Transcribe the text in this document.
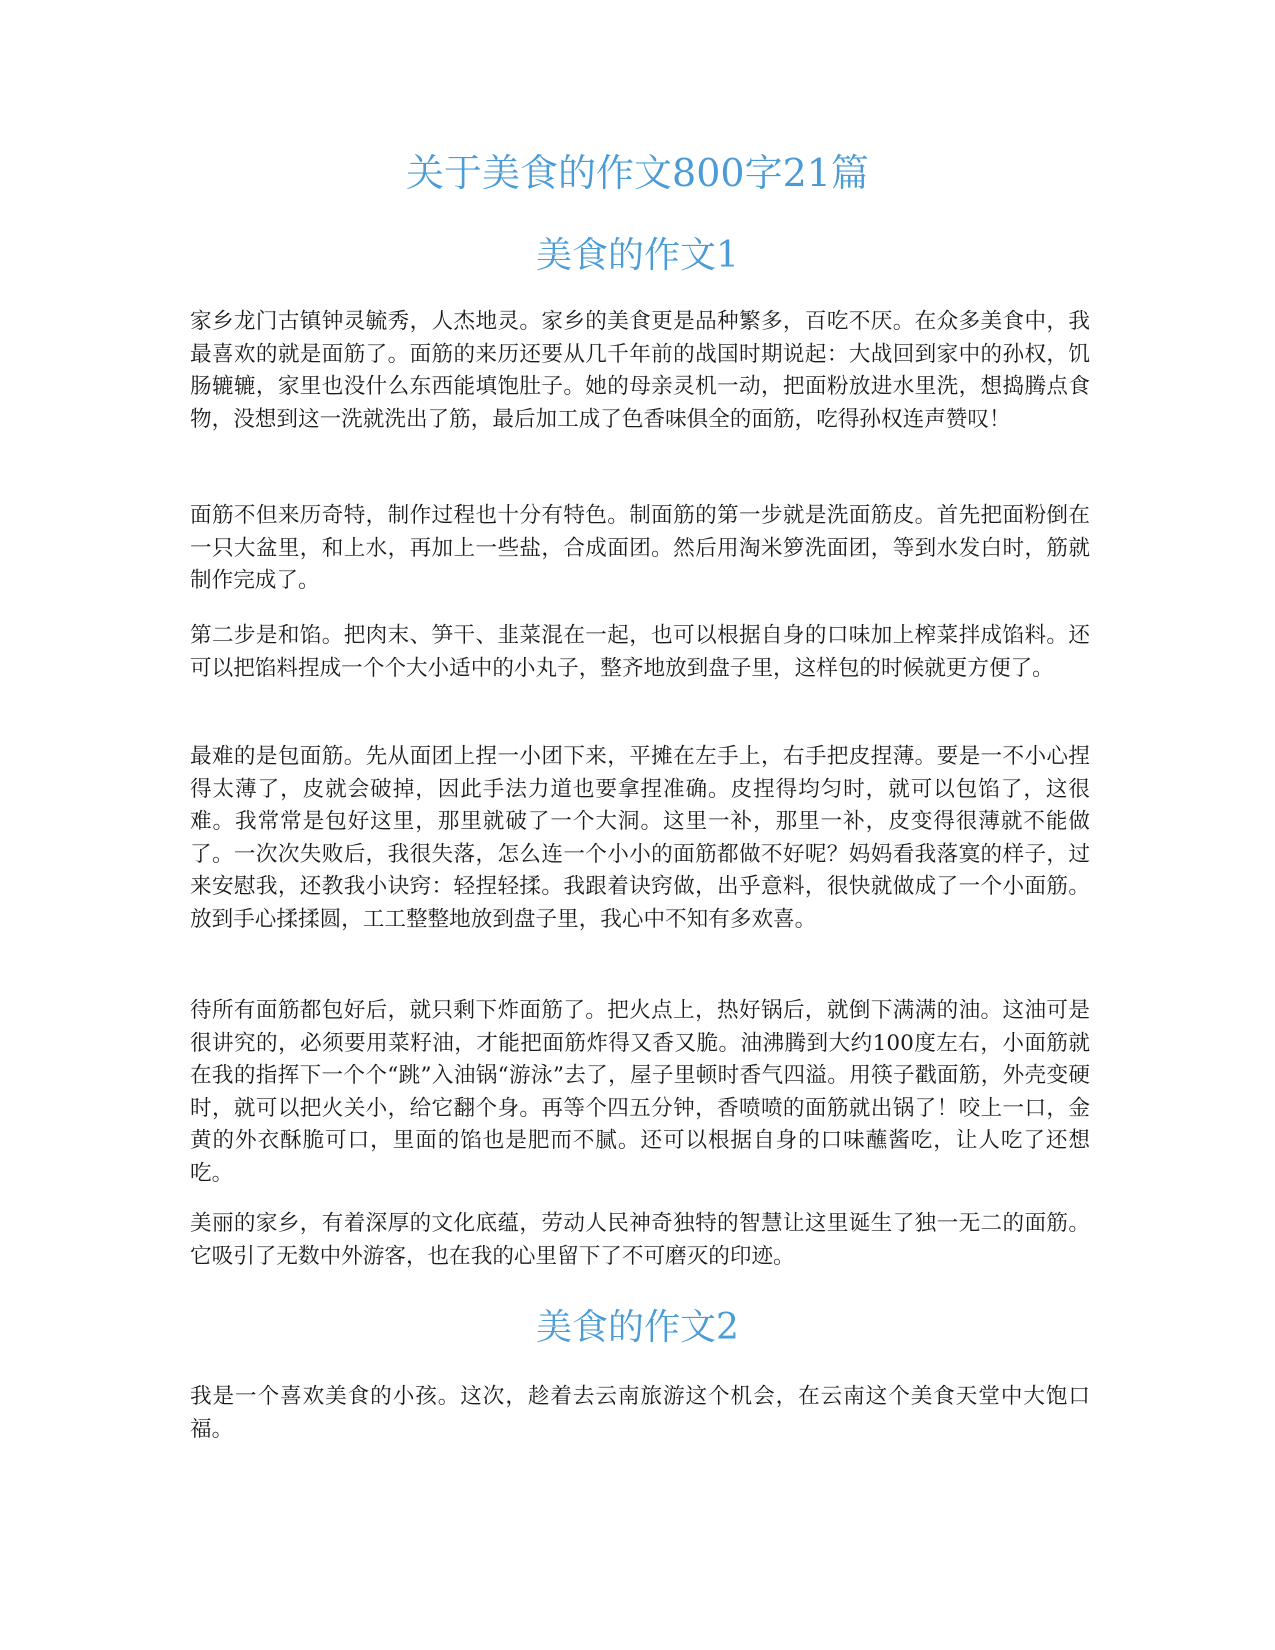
关于美食的作文800字21篇
美食的作文1

家乡龙门古镇钟灵毓秀，人杰地灵。家乡的美食更是品种繁多，百吃不厌。在众多美食中，我最喜欢的就是面筋了。面筋的来历还要从几千年前的战国时期说起：大战回到家中的孙权，饥肠辘辘，家里也没什么东西能填饱肚子。她的母亲灵机一动，把面粉放进水里洗，想捣腾点食物，没想到这一洗就洗出了筋，最后加工成了色香味俱全的面筋，吃得孙权连声赞叹！

面筋不但来历奇特，制作过程也十分有特色。制面筋的第一步就是洗面筋皮。首先把面粉倒在一只大盆里，和上水，再加上一些盐，合成面团。然后用淘米箩洗面团，等到水发白时，筋就制作完成了。

第二步是和馅。把肉末、笋干、韭菜混在一起，也可以根据自身的口味加上榨菜拌成馅料。还可以把馅料捏成一个个大小适中的小丸子，整齐地放到盘子里，这样包的时候就更方便了。

最难的是包面筋。先从面团上捏一小团下来，平摊在左手上，右手把皮捏薄。要是一不小心捏得太薄了，皮就会破掉，因此手法力道也要拿捏准确。皮捏得均匀时，就可以包馅了，这很难。我常常是包好这里，那里就破了一个大洞。这里一补，那里一补，皮变得很薄就不能做了。一次次失败后，我很失落，怎么连一个小小的面筋都做不好呢？妈妈看我落寞的样子，过来安慰我，还教我小诀窍：轻捏轻揉。我跟着诀窍做，出乎意料，很快就做成了一个小面筋。放到手心揉揉圆，工工整整地放到盘子里，我心中不知有多欢喜。

待所有面筋都包好后，就只剩下炸面筋了。把火点上，热好锅后，就倒下满满的油。这油可是很讲究的，必须要用菜籽油，才能把面筋炸得又香又脆。油沸腾到大约100度左右，小面筋就在我的指挥下一个个“跳”入油锅“游泳”去了，屋子里顿时香气四溢。用筷子戳面筋，外壳变硬时，就可以把火关小，给它翻个身。再等个四五分钟，香喷喷的面筋就出锅了！咬上一口，金黄的外衣酥脆可口，里面的馅也是肥而不腻。还可以根据自身的口味蘸酱吃，让人吃了还想吃。

美丽的家乡，有着深厚的文化底蕴，劳动人民神奇独特的智慧让这里诞生了独一无二的面筋。它吸引了无数中外游客，也在我的心里留下了不可磨灭的印迹。

美食的作文2

我是一个喜欢美食的小孩。这次，趁着去云南旅游这个机会，在云南这个美食天堂中大饱口福。
